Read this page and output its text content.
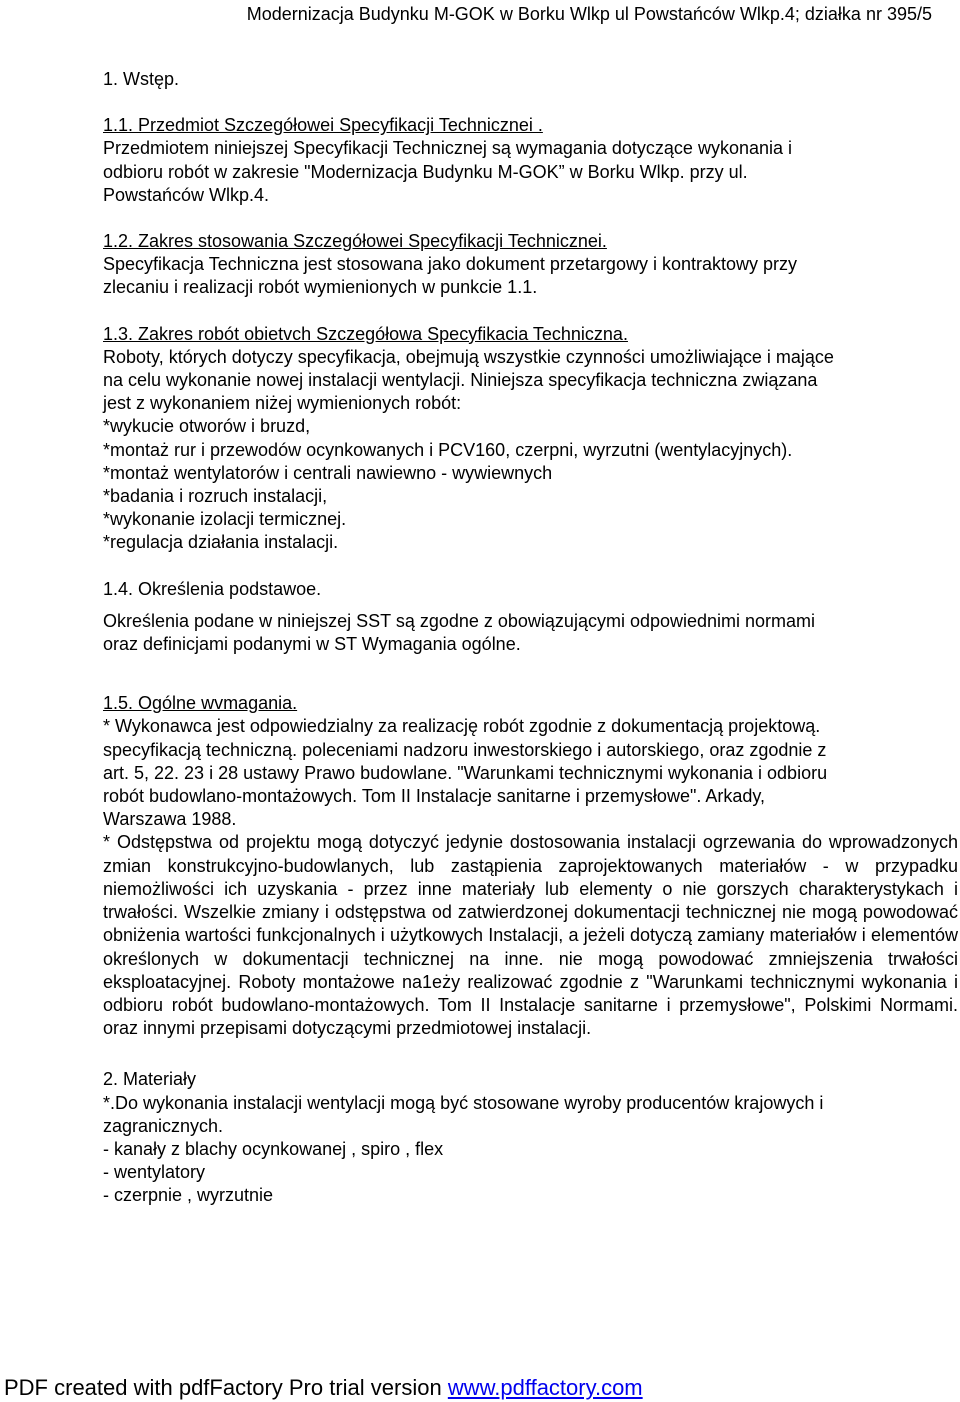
Modernizacja Budynku M-GOK w Borku Wlkp ul Powstańców Wlkp.4; działka nr 395/5

1. Wstęp.

1.1. Przedmiot Szczegółowei Specyfikacji Technicznei .

Przedmiotem niniejszej Specyfikacji Technicznej są wymagania dotyczące wykonania i

odbioru robót w zakresie "Modernizacja Budynku M-GOK” w Borku Wlkp. przy ul.

Powstańców Wlkp.4.

1.2. Zakres stosowania Szczegółowei Specyfikacji Technicznei.

Specyfikacja Techniczna jest stosowana jako dokument przetargowy i kontraktowy przy

zlecaniu i realizacji robót wymienionych w punkcie 1.1.

1.3. Zakres robót obietvch Szczegółowa Specyfikacia Techniczna.

Roboty, których dotyczy specyfikacja, obejmują wszystkie czynności umożliwiające i mające

na celu wykonanie nowej instalacji wentylacji. Niniejsza specyfikacja techniczna związana

jest z wykonaniem niżej wymienionych robót:

*wykucie otworów i bruzd,

*montaż rur i przewodów ocynkowanych i PCV160, czerpni, wyrzutni (wentylacyjnych).

*montaż wentylatorów i centrali nawiewno - wywiewnych

*badania i rozruch instalacji,

*wykonanie izolacji termicznej.

*regulacja działania instalacji.

1.4. Określenia podstawoe.

Określenia podane w niniejszej SST są zgodne z obowiązującymi odpowiednimi normami

oraz definicjami podanymi w ST Wymagania ogólne.

1.5. Ogólne wvmagania.

* Wykonawca jest odpowiedzialny za realizację robót zgodnie z dokumentacją projektową.

specyfikacją techniczną. poleceniami nadzoru inwestorskiego i autorskiego, oraz zgodnie z

art. 5, 22. 23 i 28 ustawy Prawo budowlane. "Warunkami technicznymi wykonania i odbioru

robót budowlano-montażowych. Tom II Instalacje sanitarne i przemysłowe". Arkady,

Warszawa 1988.

* Odstępstwa od projektu mogą dotyczyć jedynie dostosowania instalacji ogrzewania do wprowadzonych zmian konstrukcyjno-budowlanych, lub zastąpienia zaprojektowanych materiałów - w przypadku niemożliwości ich uzyskania - przez inne materiały lub elementy o nie gorszych charakterystykach i trwałości. Wszelkie zmiany i odstępstwa od zatwierdzonej dokumentacji technicznej nie mogą powodować obniżenia wartości funkcjonalnych i użytkowych Instalacji, a jeżeli dotyczą zamiany materiałów i elementów określonych w dokumentacji technicznej na inne. nie mogą powodować zmniejszenia trwałości eksploatacyjnej. Roboty montażowe na1eży realizować zgodnie z "Warunkami technicznymi wykonania i odbioru robót budowlano-montażowych. Tom II Instalacje sanitarne i przemysłowe", Polskimi Normami. oraz innymi przepisami dotyczącymi przedmiotowej instalacji.

2. Materiały

*.Do wykonania instalacji wentylacji mogą być stosowane wyroby producentów krajowych i

zagranicznych.

- kanały z blachy ocynkowanej , spiro , flex

- wentylatory

- czerpnie , wyrzutnie

PDF created with pdfFactory Pro trial version www.pdffactory.com
